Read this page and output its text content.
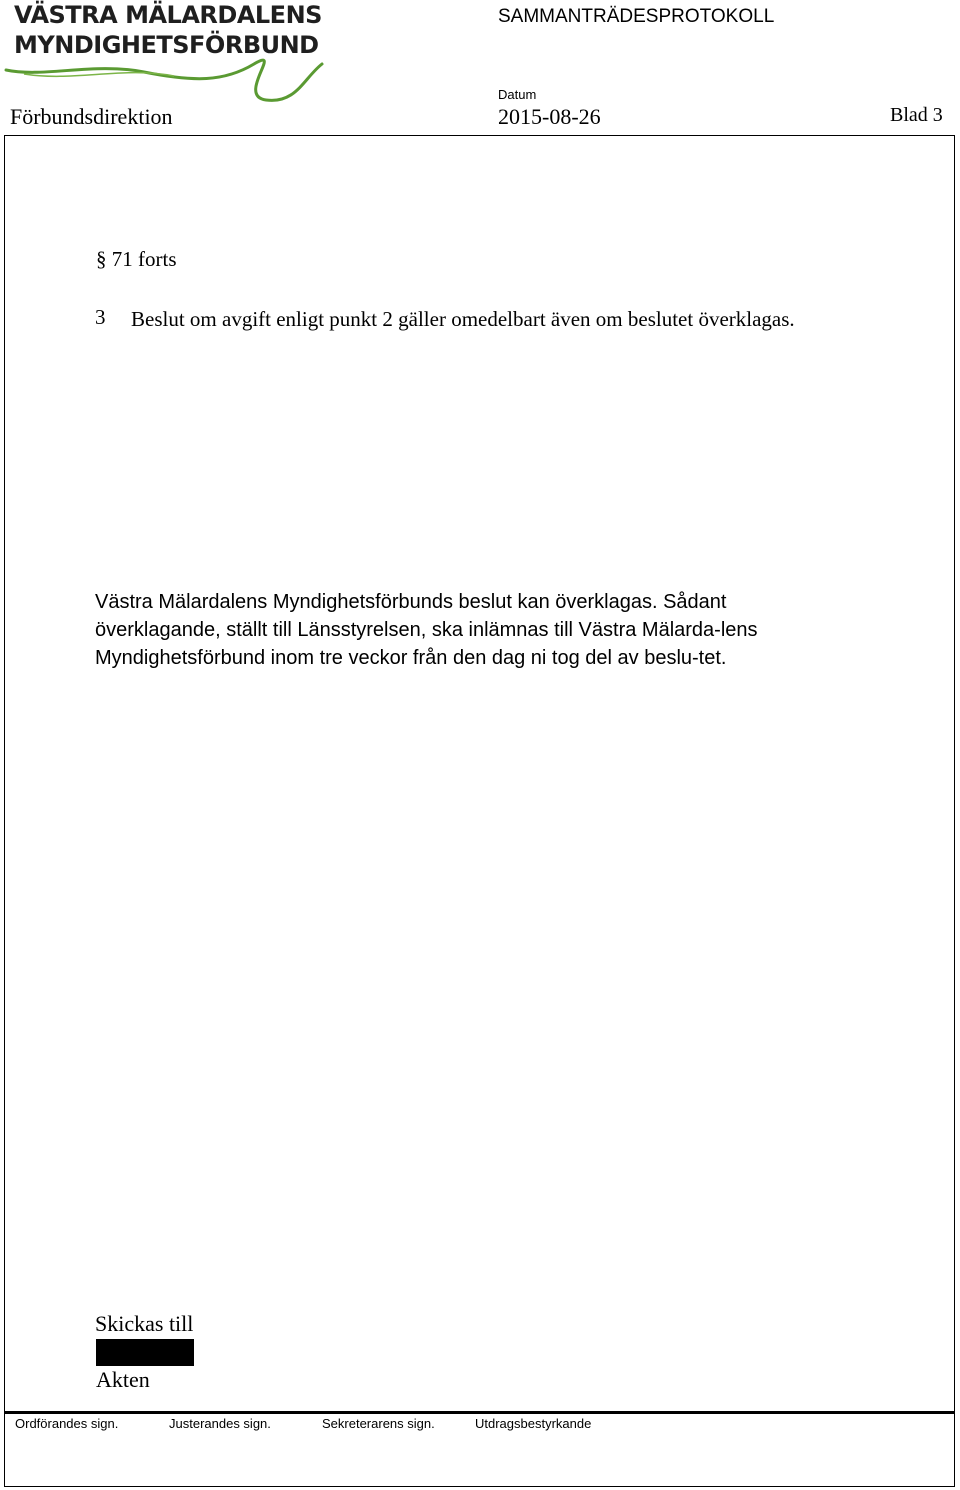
VÄSTRA MÄLARDALENS
MYNDIGHETSFÖRBUND
SAMMANTRÄDESPROTOKOLL
Datum
Förbundsdirektion	2015-08-26	Blad 3
§ 71 forts
3 Beslut om avgift enligt punkt 2 gäller omedelbart även om beslutet överklagas.
Västra Mälardalens Myndighetsförbunds beslut kan överklagas. Sådant överklagande, ställt till Länsstyrelsen, ska inlämnas till Västra Mälarda-lens Myndighetsförbund inom tre veckor från den dag ni tog del av beslu-tet.
Skickas till
Akten
Ordförandes sign.	Justerandes sign.	Sekreterarens sign.	Utdragsbestyrkande
